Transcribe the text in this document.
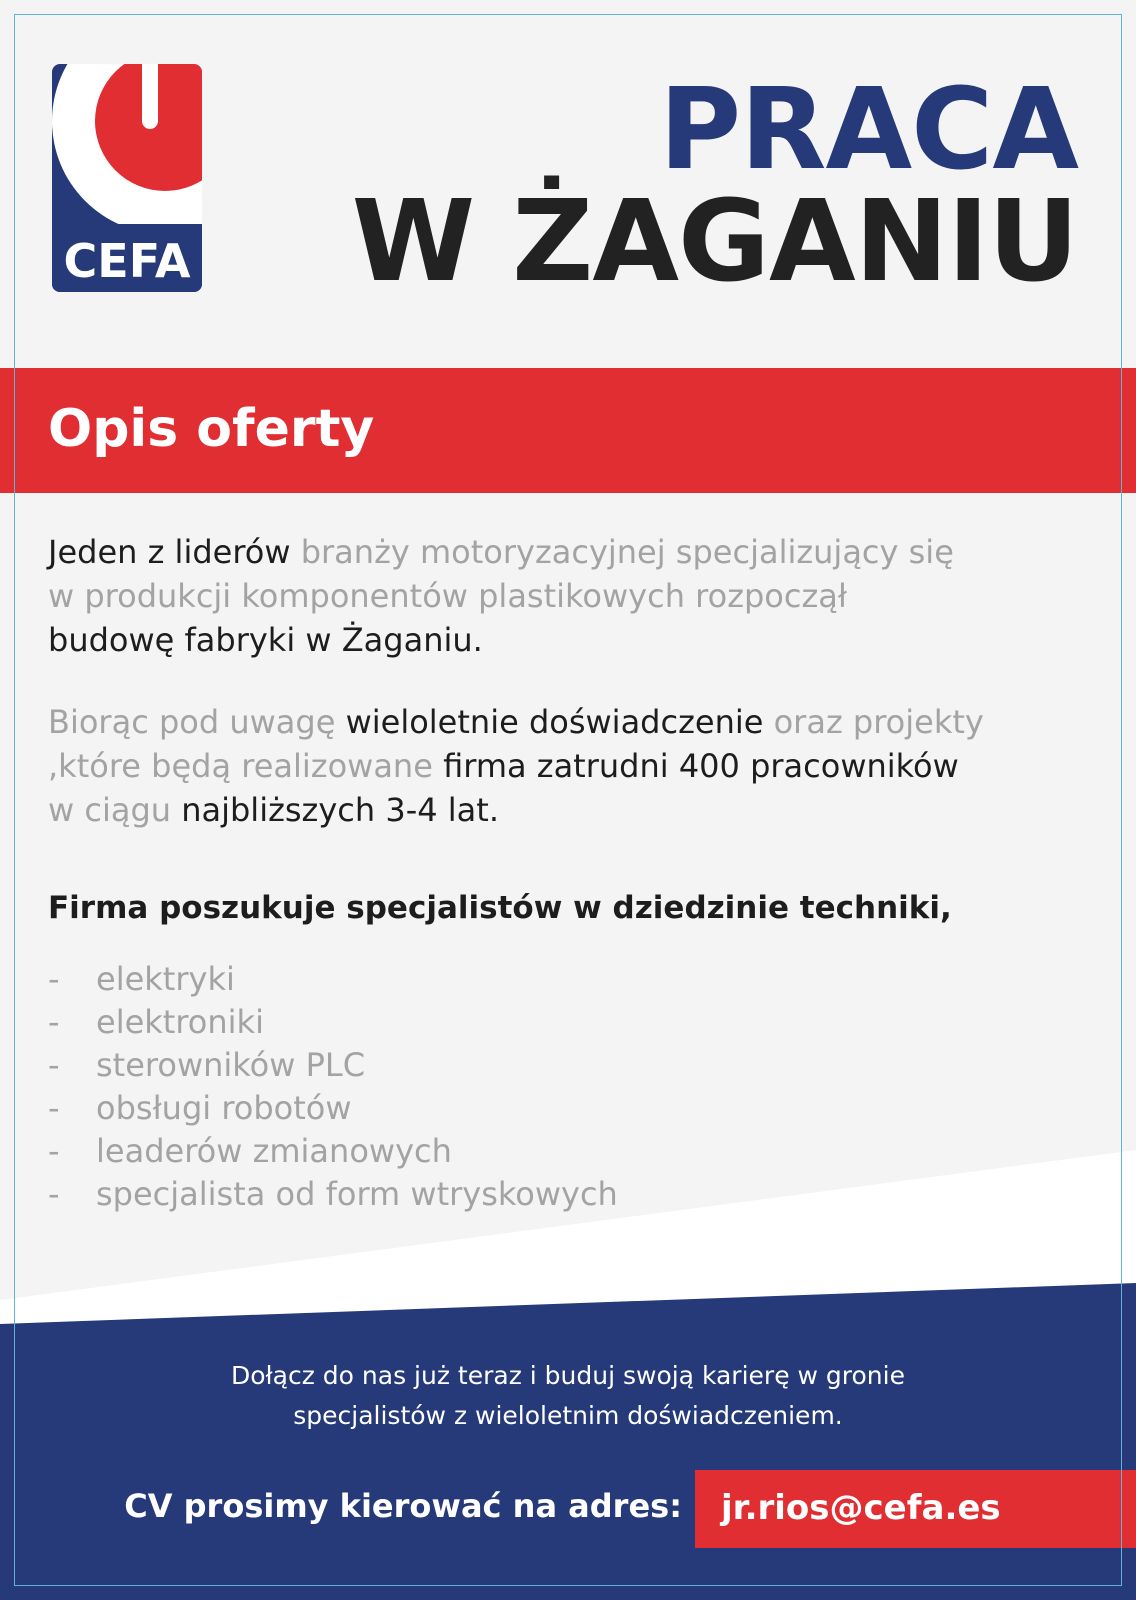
CEFA
PRACA
W ŻAGANIU
Opis oferty
Jeden z liderów branży motoryzacyjnej specjalizujący się
w produkcji komponentów plastikowych rozpoczął
budowę fabryki w Żaganiu.
Biorąc pod uwagę wieloletnie doświadczenie oraz projekty
,które będą realizowane firma zatrudni 400 pracowników
w ciągu najbliższych 3-4 lat.
Firma poszukuje specjalistów w dziedzinie techniki,
- elektryki
- elektroniki
- sterowników PLC
- obsługi robotów
- leaderów zmianowych
- specjalista od form wtryskowych
Dołącz do nas już teraz i buduj swoją karierę w gronie
specjalistów z wieloletnim doświadczeniem.
CV prosimy kierować na adres: jr.rios@cefa.es
